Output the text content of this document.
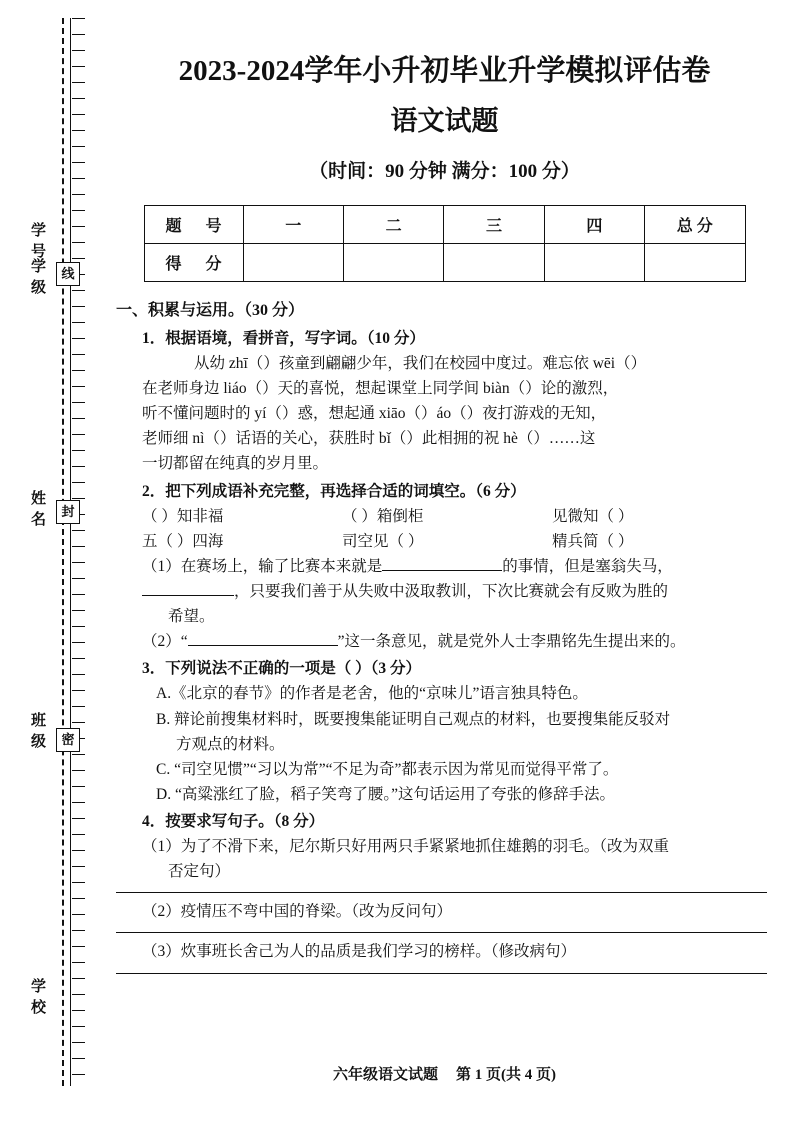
学 号
学 级
姓 名
班 级
学 校
线
封
密
2023-2024学年小升初毕业升学模拟评估卷
语文试题
（时间：90 分钟 满分：100 分）
题 号	一	二	三	四	总 分
得 分					
一、积累与运用。（30 分）
1．根据语境，看拼音，写字词。（10 分）
从幼 zhī（）孩童到翩翩少年，我们在校园中度过。难忘依 wēi（）
在老师身边 liáo（）天的喜悦，想起课堂上同学间 biàn（）论的激烈，
听不懂问题时的 yí（）惑，想起通 xiāo（）áo（）夜打游戏的无知，
老师细 nì（）话语的关心，获胜时 bǐ（）此相拥的祝 hè（）……这
一切都留在纯真的岁月里。
2．把下列成语补充完整，再选择合适的词填空。（6 分）
（ ）知非福	（ ）箱倒柜	见微知（ ）
五（ ）四海	司空见（ ）	精兵简（ ）
（1）在赛场上，输了比赛本来就是	的事情，但是塞翁失马，
，只要我们善于从失败中汲取教训，下次比赛就会有反败为胜的
希望。
（2）“	”这一条意见，就是党外人士李鼎铭先生提出来的。
3．下列说法不正确的一项是（ ）（3 分）
A.《北京的春节》的作者是老舍，他的“京味儿”语言独具特色。
B. 辩论前搜集材料时，既要搜集能证明自己观点的材料，也要搜集能反驳对
方观点的材料。
C. “司空见惯”“习以为常”“不足为奇”都表示因为常见而觉得平常了。
D. “高粱涨红了脸，稻子笑弯了腰。”这句话运用了夸张的修辞手法。
4．按要求写句子。（8 分）
（1）为了不滑下来，尼尔斯只好用两只手紧紧地抓住雄鹅的羽毛。（改为双重
否定句）
（2）疫情压不弯中国的脊梁。（改为反问句）
（3）炊事班长舍己为人的品质是我们学习的榜样。（修改病句）
六年级语文试题 第 1 页(共 4 页)
